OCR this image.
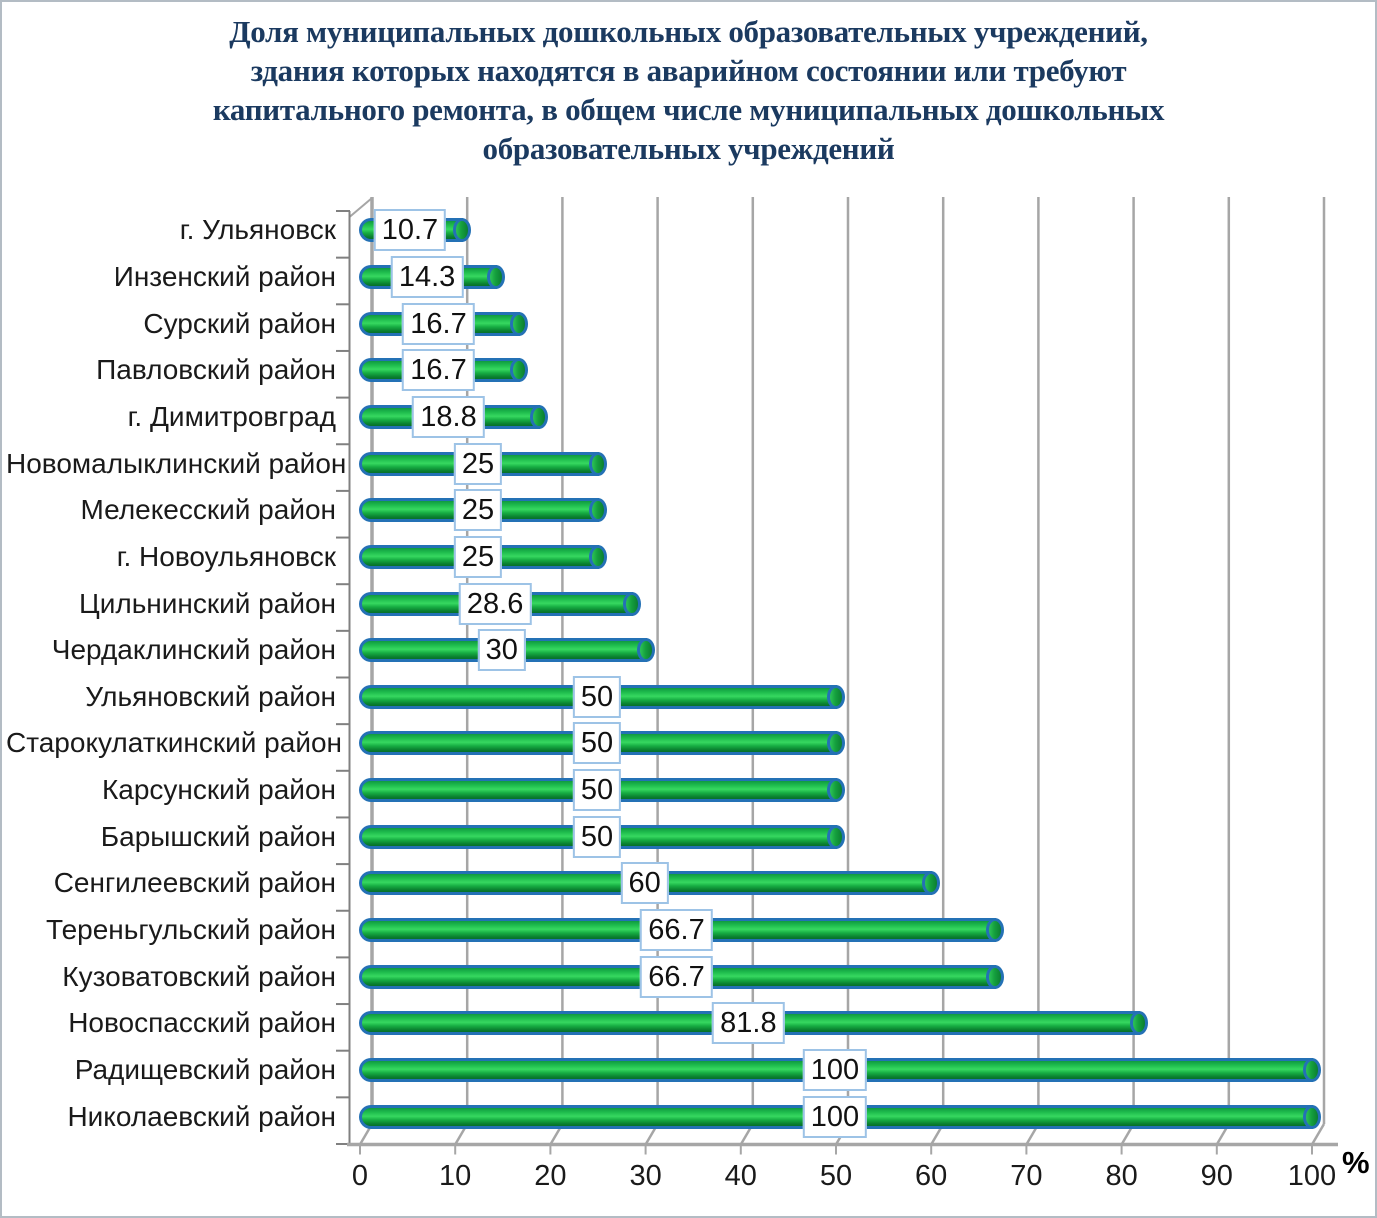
Доля муниципальных дошкольных образовательных учреждений,
здания которых находятся в аварийном состоянии или требуют
капитального ремонта, в общем числе муниципальных дошкольных
образовательных учреждений
г. Ульяновск 10.7
Инзенский район 14.3
Сурский район	16.7
Павловский район	16.7
г. Димитровград	18.8
Новомалыклинский район	25
Мелекесский район	25
г. Новоульяновск	25
Цильнинский район	28.6
Чердаклинский район	30
Ульяновский район	50
Старокулаткинский район	50
Карсунский район	50
Барышский район	50
Сенгилеевский район	60
Тереньгульский район	66.7
Кузоватовский район	66.7
Новоспасский район	81.8
Радищевский район	100
Николаевский район	100
0 10 20 30 40 50 60 70 80 90 100 %
